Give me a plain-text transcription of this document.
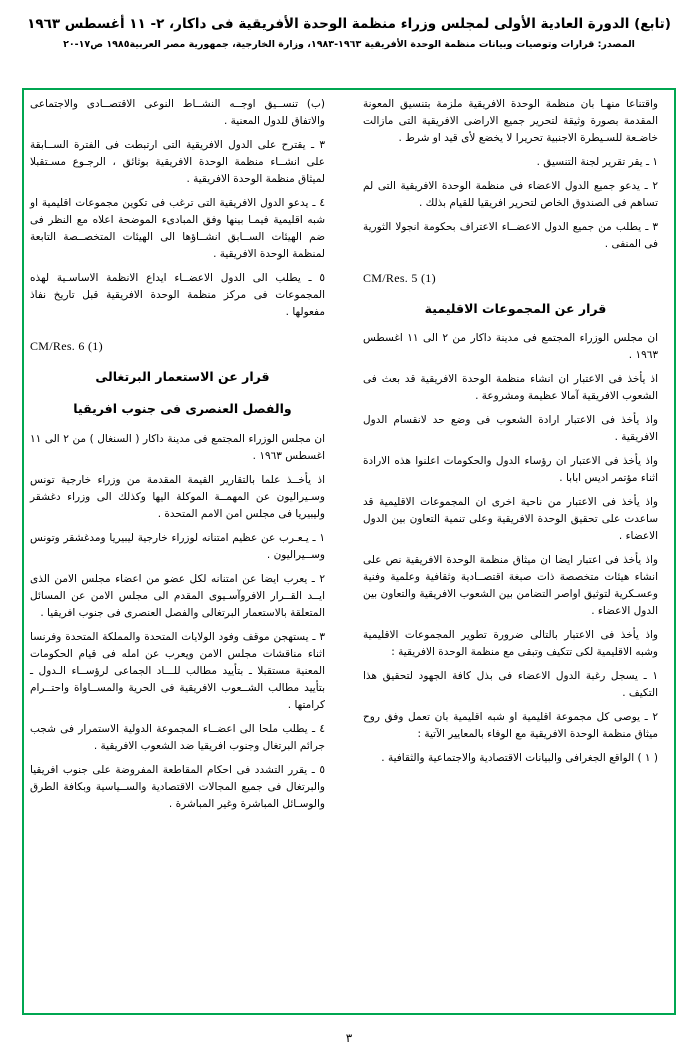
(تابع) الدورة العادية الأولى لمجلس وزراء منظمة الوحدة الأفريقية فى داكار، ٢- ١١ أغسطس ١٩٦٣
المصدر: قرارات وتوصيات وبيانات منظمة الوحدة الأفريقية ١٩٦٣-١٩٨٣، وزارة الخارجية، جمهورية مصر العربية١٩٨٥ ص١٧-٢٠

واقتناعا منهـا بان منظمة الوحدة الافريقية ملزمة بتنسيق المعونة المقدمة بصورة وثيقة لتحرير جميع الاراضى الافريقية التى مازالت خاضـعة للسـيطرة الاجنبية تحريرا لا يخضع لأى قيد او شرط .

١ ـ يقر تقرير لجنة التنسيق .

٢ ـ يدعو جميع الدول الاعضاء فى منظمة الوحدة الافريقية التى لم تساهم فى الصندوق الخاص لتحرير افريقيا للقيام بذلك .

٣ ـ يطلب من جميع الدول الاعضــاء الاعتراف بحكومة انجولا الثورية فى المنفى .

CM/Res. 5 (1)
قرار عن المجموعات الاقليمية

ان مجلس الوزراء المجتمع فى مدينة داكار من ٢ الى ١١ اغسطس ١٩٦٣ .

اذ يأخذ فى الاعتبار ان انشاء منظمة الوحدة الافريقية قد بعث فى الشعوب الافريقية آمالا عظيمة ومشروعة .

واذ يأخذ فى الاعتبار ارادة الشعوب فى وضع حد لانقسام الدول الافريقية .

واذ يأخذ فى الاعتبار ان رؤساء الدول والحكومات اعلنوا هذه الارادة اثناء مؤتمر اديس ابابا .

واذ يأخذ فى الاعتبار من ناحية اخرى ان المجموعات الاقليمية قد ساعدت على تحقيق الوحدة الافريقية وعلى تنمية التعاون بين الدول الاعضاء .

واذ يأخذ فى اعتبار ايضا ان ميثاق منظمة الوحدة الافريقية نص على انشاء هيئات متخصصة ذات صبغة اقتصــادية وثقافية وعلمية وفنية وعسـكرية لتوثيق اواصر التضامن بين الشعوب الافريقية والتعاون بين الدول الاعضاء .

واذ يأخذ فى الاعتبار بالتالى ضرورة تطوير المجموعات الاقليمية وشبه الاقليمية لكى تتكيف وتبقى مع منظمة الوحدة الافريقية :

١ ـ يسجل رغبة الدول الاعضاء فى بذل كافة الجهود لتحقيق هذا التكيف .

٢ ـ يوصى كل مجموعة اقليمية او شبه اقليمية بان تعمل وفق روح ميثاق منظمة الوحدة الافريقية مع الوفاء بالمعايير الآتية :

( ١ ) الواقع الجغرافى والبيانات الاقتصادية والاجتماعية والثقافية .

(ب) تنســيق اوجــه النشــاط النوعى الاقتصــادى والاجتماعى والاتفاق للدول المعنية .

٣ ـ يقترح على الدول الافريقية التى ارتبطت فى الفترة الســابقة على انشــاء منظمة الوحدة الافريقية بوثائق ، الرجـوع مسـتقبلا لميثاق منظمة الوحدة الافريقية .

٤ ـ يدعو الدول الافريقية التى ترغب فى تكوين مجموعات اقليمية او شبه اقليمية فيمـا بينها وفق المبادىء الموضحة اعلاه مع النظر فى ضم الهيئات الســابق انشــاؤها الى الهيئات المتخصــصة التابعة لمنظمة الوحدة الافريقية .

٥ ـ يطلب الى الدول الاعضــاء ايداع الانظمة الاساسـية لهذه المجموعات فى مركز منظمة الوحدة الافريقية قبل تاريخ نفاذ مفعولها .

CM/Res. 6 (1)
قرار عن الاستعمار البرتغالى
والفصل العنصرى فى جنوب افريقيا

ان مجلس الوزراء المجتمع فى مدينة داكار ( السنغال ) من ٢ الى ١١ اغسطس ١٩٦٣ .

اذ يأخــذ علما بالتقارير القيمة المقدمة من وزراء خارجية تونس وسـيراليون عن المهمــة الموكلة اليها وكذلك الى وزراء دغشقر وليبيريا فى مجلس امن الامم المتحدة .

١ ـ يـعـرب عن عظيم امتنانه لوزراء خارجية ليبيريا ومدغشقر وتونس وســيراليون .

٢ ـ يعرب ايضا عن امتنانه لكل عضو من اعضاء مجلس الامن الذى ايــد القــرار الافروآسـيوى المقدم الى مجلس الامن عن المسائل المتعلقة بالاستعمار البرتغالى والفصل العنصرى فى جنوب افريقيا .

٣ ـ يستهجن موقف وفود الولايات المتحدة والمملكة المتحدة وفرنسا اثناء مناقشات مجلس الامن ويعرب عن امله فى قيام الحكومات المعنية مستقبلا ـ بتأييد مطالب للـــاد الجماعى لرؤســاء الـدول ـ بتأييد مطالب الشــعوب الافريقية فى الحرية والمســاواة واحتــرام كرامتها .

٤ ـ يطلب ملحا الى اعضــاء المجموعة الدولية الاستمرار فى شجب جرائم البرتغال وجنوب افريقيا ضد الشعوب الافريقية .

٥ ـ يقرر التشدد فى احكام المقاطعة المفروضة على جنوب افريقيا والبرتغال فى جميع المجالات الاقتصادية والســياسية وبكافة الطرق والوسـائل المباشرة وغير المباشرة .

٣
